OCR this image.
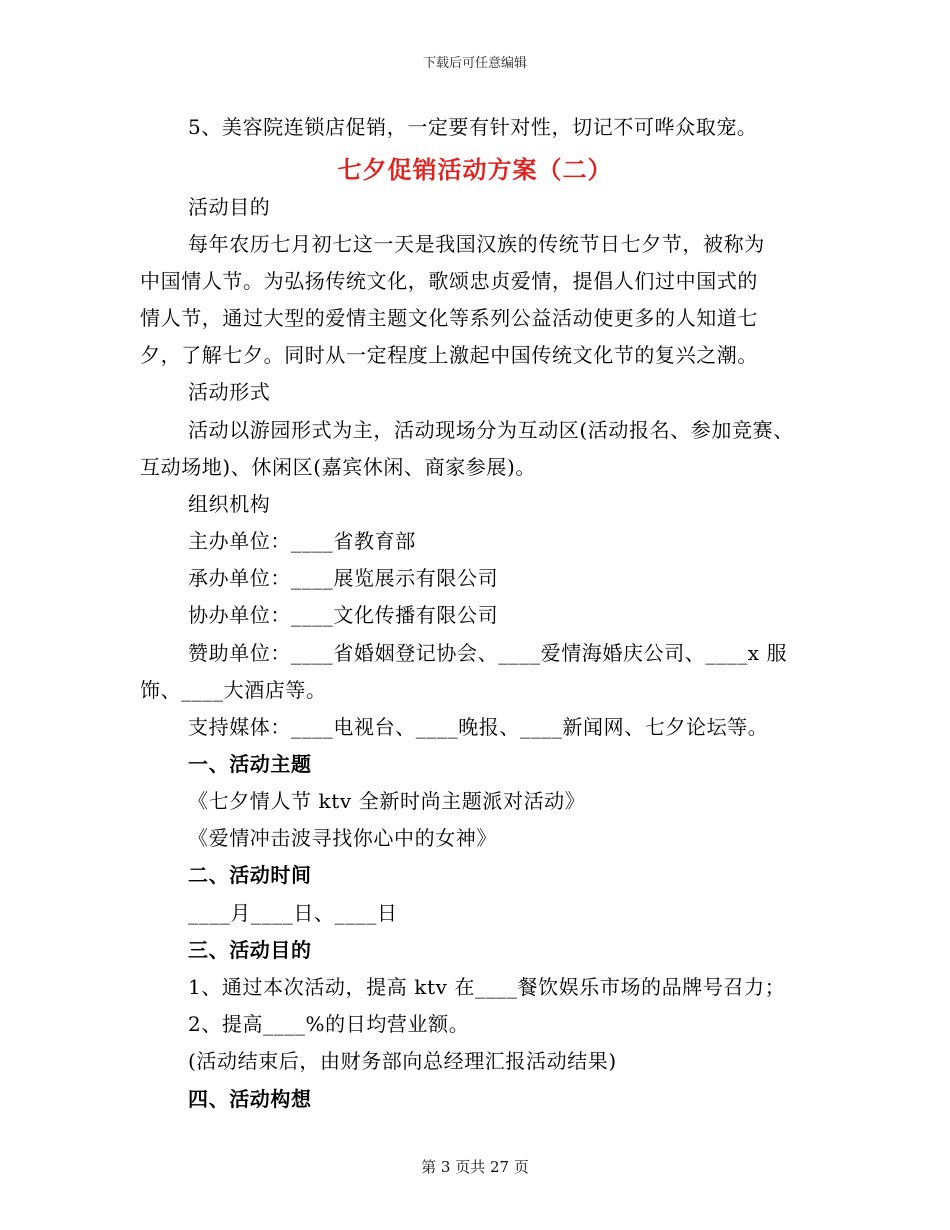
下载后可任意编辑
5、美容院连锁店促销，一定要有针对性，切记不可哗众取宠。
七夕促销活动方案（二）
活动目的
每年农历七月初七这一天是我国汉族的传统节日七夕节，被称为
中国情人节。为弘扬传统文化，歌颂忠贞爱情，提倡人们过中国式的
情人节，通过大型的爱情主题文化等系列公益活动使更多的人知道七
夕，了解七夕。同时从一定程度上激起中国传统文化节的复兴之潮。
活动形式
活动以游园形式为主，活动现场分为互动区(活动报名、参加竞赛、
互动场地)、休闲区(嘉宾休闲、商家参展)。
组织机构
主办单位：____省教育部
承办单位：____展览展示有限公司
协办单位：____文化传播有限公司
赞助单位：____省婚姻登记协会、____爱情海婚庆公司、____x 服
饰、____大酒店等。
支持媒体：____电视台、____晚报、____新闻网、七夕论坛等。
一、活动主题
《七夕情人节 ktv 全新时尚主题派对活动》
《爱情冲击波寻找你心中的女神》
二、活动时间
____月____日、____日
三、活动目的
1、通过本次活动，提高 ktv 在____餐饮娱乐市场的品牌号召力；
2、提高____%的日均营业额。
(活动结束后，由财务部向总经理汇报活动结果)
四、活动构想
第 3 页共 27 页
